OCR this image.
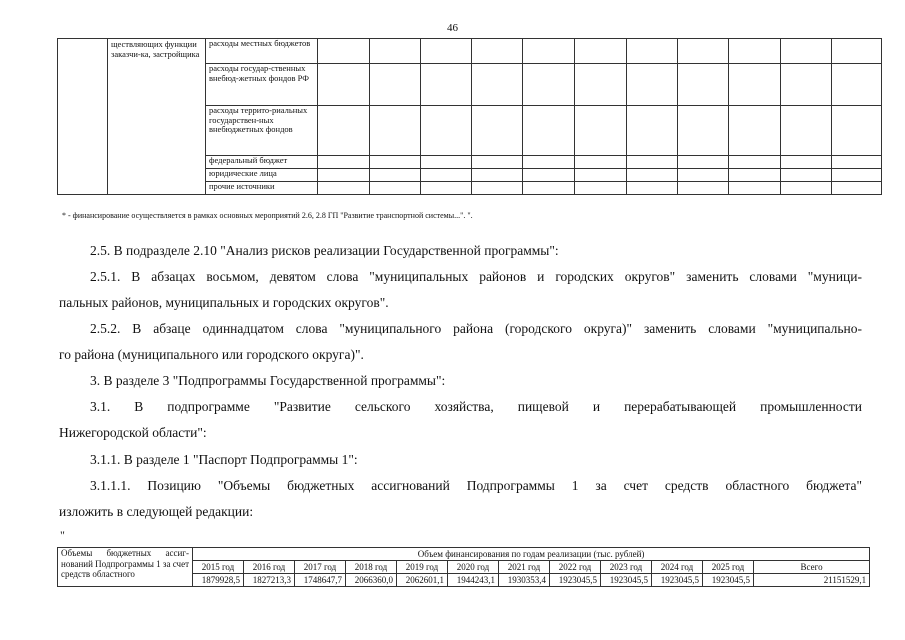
46
	ществляющих функции заказчи-ка, застройщика	расходы местных бюджетов											
		расходы государ-ственных внебюд-жетных фондов РФ											
		расходы террито-риальных государствен-ных внебюджетных фондов											
		федеральный бюджет											
		юридические лица											
		прочие источники											
* - финансирование осуществляется в рамках основных мероприятий 2.6, 2.8 ГП "Развитие транспортной системы...". ".
2.5. В подразделе 2.10 "Анализ рисков реализации Государственной программы":
2.5.1. В абзацах восьмом, девятом слова "муниципальных районов и городских округов" заменить словами "муници-
пальных районов, муниципальных и городских округов".
2.5.2. В абзаце одиннадцатом слова "муниципального района (городского округа)" заменить словами "муниципально-
го района (муниципального или городского округа)".
3. В разделе 3 "Подпрограммы Государственной программы":
3.1. В подпрограмме "Развитие сельского хозяйства, пищевой и перерабатывающей промышленности
Нижегородской области":
3.1.1. В разделе 1 "Паспорт Подпрограммы 1":
3.1.1.1. Позицию "Объемы бюджетных ассигнований Подпрограммы 1 за счет средств областного бюджета"
изложить в следующей редакции:
"
Объемы бюджетных ассиг-нований Подпрограммы 1 за счет средств областного	Объем финансирования по годам реализации (тыс. рублей)											
	2015 год	2016 год	2017 год	2018 год	2019 год	2020 год	2021 год	2022 год	2023 год	2024 год	2025 год	Всего
	1879928,5	1827213,3	1748647,7	2066360,0	2062601,1	1944243,1	1930353,4	1923045,5	1923045,5	1923045,5	1923045,5	21151529,1
